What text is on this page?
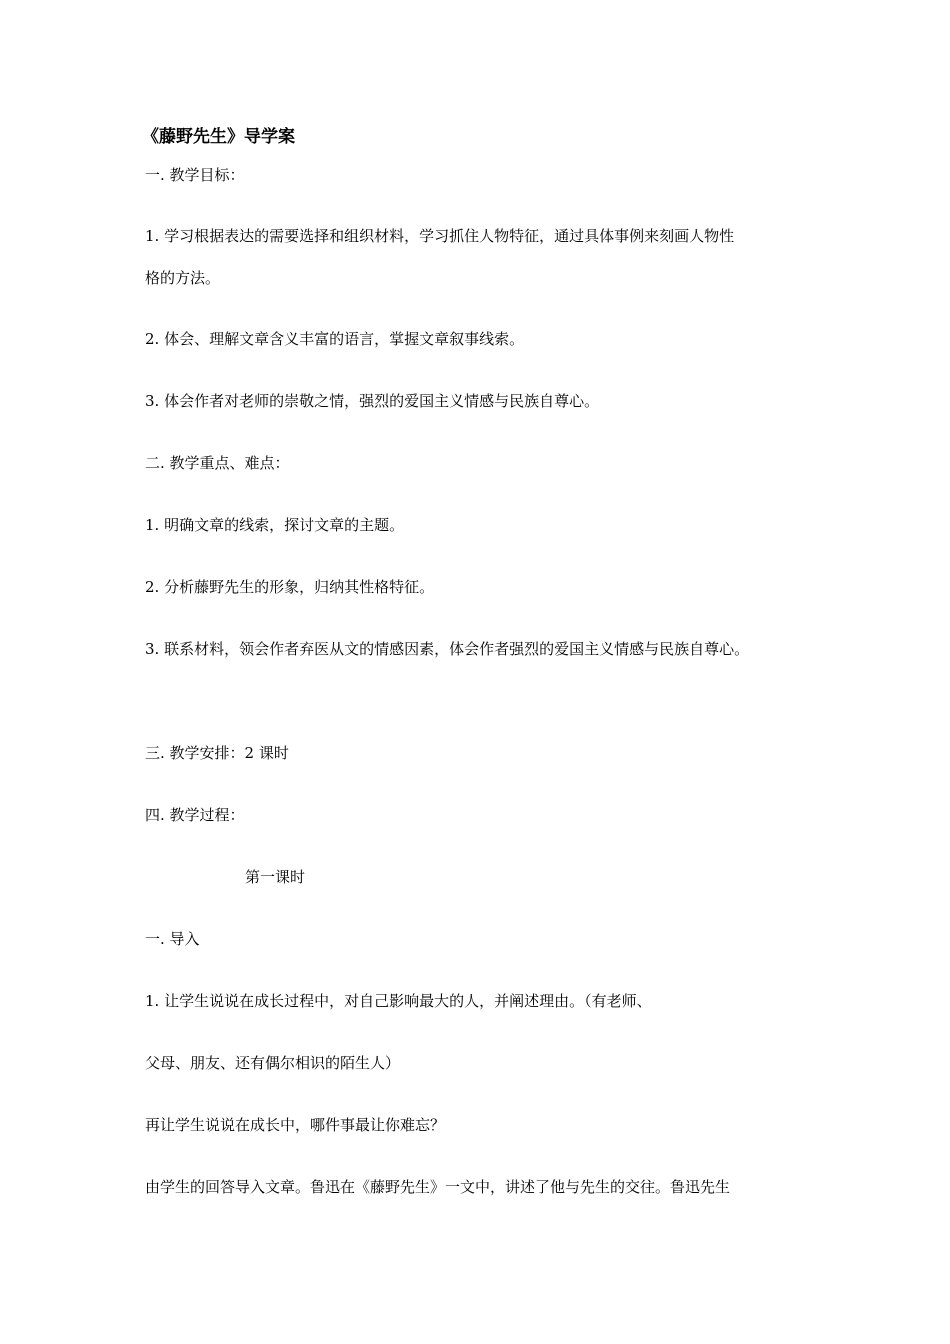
《藤野先生》导学案
一. 教学目标：
1. 学习根据表达的需要选择和组织材料，学习抓住人物特征，通过具体事例来刻画人物性
格的方法。
2. 体会、理解文章含义丰富的语言，掌握文章叙事线索。
3. 体会作者对老师的崇敬之情，强烈的爱国主义情感与民族自尊心。
二. 教学重点、难点：
1. 明确文章的线索，探讨文章的主题。
2. 分析藤野先生的形象，归纳其性格特征。
3. 联系材料，领会作者弃医从文的情感因素，体会作者强烈的爱国主义情感与民族自尊心。
三. 教学安排：2 课时
四. 教学过程：
第一课时
一. 导入
1. 让学生说说在成长过程中，对自己影响最大的人，并阐述理由。（有老师、
父母、朋友、还有偶尔相识的陌生人）
再让学生说说在成长中，哪件事最让你难忘？
由学生的回答导入文章。鲁迅在《藤野先生》一文中，讲述了他与先生的交往。鲁迅先生
